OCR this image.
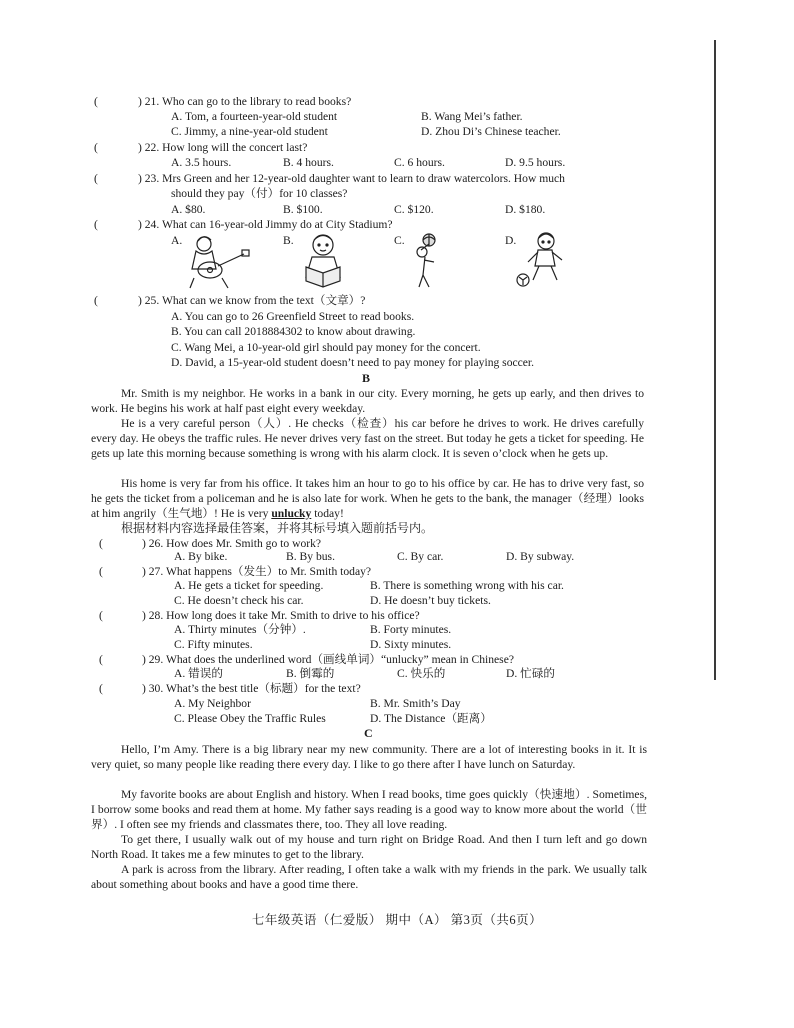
(	) 21. Who can go to the library to read books?
A. Tom, a fourteen-year-old student	B. Wang Mei’s father.
C. Jimmy, a nine-year-old student	D. Zhou Di’s Chinese teacher.
(	) 22. How long will the concert last?
A. 3.5 hours.	B. 4 hours.	C. 6 hours.	D. 9.5 hours.
(	) 23. Mrs Green and her 12-year-old daughter want to learn to draw watercolors. How much
should they pay（付）for 10 classes?
A. $80.	B. $100.	C. $120.	D. $180.
(	) 24. What can 16-year-old Jimmy do at City Stadium?
A.	B.	C.	D.
(	) 25. What can we know from the text（文章）?
A. You can go to 26 Greenfield Street to read books.
B. You can call 2018884302 to know about drawing.
C. Wang Mei, a 10-year-old girl should pay money for the concert.
D. David, a 15-year-old student doesn’t need to pay money for playing soccer.
B
Mr. Smith is my neighbor. He works in a bank in our city. Every morning, he gets up early, and then drives to work. He begins his work at half past eight every weekday.
He is a very careful person（人）. He checks（检查）his car before he drives to work. He drives carefully every day. He obeys the traffic rules. He never drives very fast on the street. But today he gets a ticket for speeding. He gets up late this morning because something is wrong with his alarm clock. It is seven o’clock when he gets up.
His home is very far from his office. It takes him an hour to go to his office by car. He has to drive very fast, so he gets the ticket from a policeman and he is also late for work. When he gets to the bank, the manager（经理）looks at him angrily（生气地）! He is very unlucky today!
根据材料内容选择最佳答案，并将其标号填入题前括号内。
(	) 26. How does Mr. Smith go to work?
A. By bike.	B. By bus.	C. By car.	D. By subway.
(	) 27. What happens（发生）to Mr. Smith today?
A. He gets a ticket for speeding.	B. There is something wrong with his car.
C. He doesn’t check his car.	D. He doesn’t buy tickets.
(	) 28. How long does it take Mr. Smith to drive to his office?
A. Thirty minutes（分钟）.	B. Forty minutes.
C. Fifty minutes.	D. Sixty minutes.
(	) 29. What does the underlined word（画线单词）“unlucky” mean in Chinese?
A. 错误的	B. 倒霉的	C. 快乐的	D. 忙碌的
(	) 30. What’s the best title（标题）for the text?
A. My Neighbor	B. Mr. Smith’s Day
C. Please Obey the Traffic Rules	D. The Distance（距离）
C
Hello, I’m Amy. There is a big library near my new community. There are a lot of interesting books in it. It is very quiet, so many people like reading there every day. I like to go there after I have lunch on Saturday.
My favorite books are about English and history. When I read books, time goes quickly（快速地）. Sometimes, I borrow some books and read them at home. My father says reading is a good way to know more about the world（世界）. I often see my friends and classmates there, too. They all love reading.
To get there, I usually walk out of my house and turn right on Bridge Road. And then I turn left and go down North Road. It takes me a few minutes to get to the library.
A park is across from the library. After reading, I often take a walk with my friends in the park. We usually talk about something about books and have a good time there.
七年级英语（仁爱版） 期中（A） 第3页（共6页）
